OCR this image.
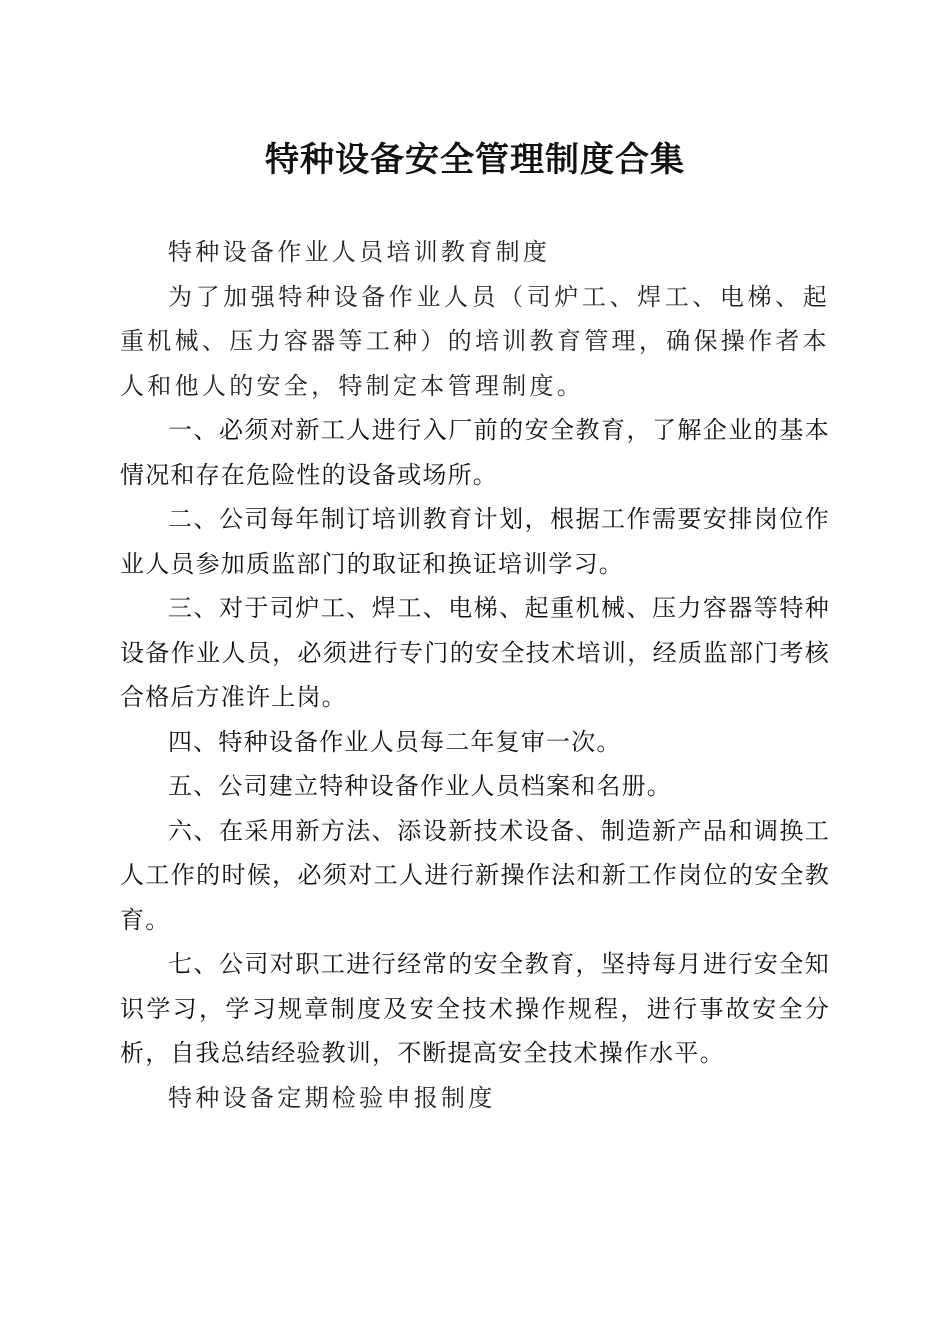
特种设备安全管理制度合集

特种设备作业人员培训教育制度

为了加强特种设备作业人员（司炉工、焊工、电梯、起重机械、压力容器等工种）的培训教育管理，确保操作者本人和他人的安全，特制定本管理制度。

一、必须对新工人进行入厂前的安全教育，了解企业的基本情况和存在危险性的设备或场所。

二、公司每年制订培训教育计划，根据工作需要安排岗位作业人员参加质监部门的取证和换证培训学习。

三、对于司炉工、焊工、电梯、起重机械、压力容器等特种设备作业人员，必须进行专门的安全技术培训，经质监部门考核合格后方准许上岗。

四、特种设备作业人员每二年复审一次。

五、公司建立特种设备作业人员档案和名册。

六、在采用新方法、添设新技术设备、制造新产品和调换工人工作的时候，必须对工人进行新操作法和新工作岗位的安全教育。

七、公司对职工进行经常的安全教育，坚持每月进行安全知识学习，学习规章制度及安全技术操作规程，进行事故安全分析，自我总结经验教训，不断提高安全技术操作水平。

特种设备定期检验申报制度
